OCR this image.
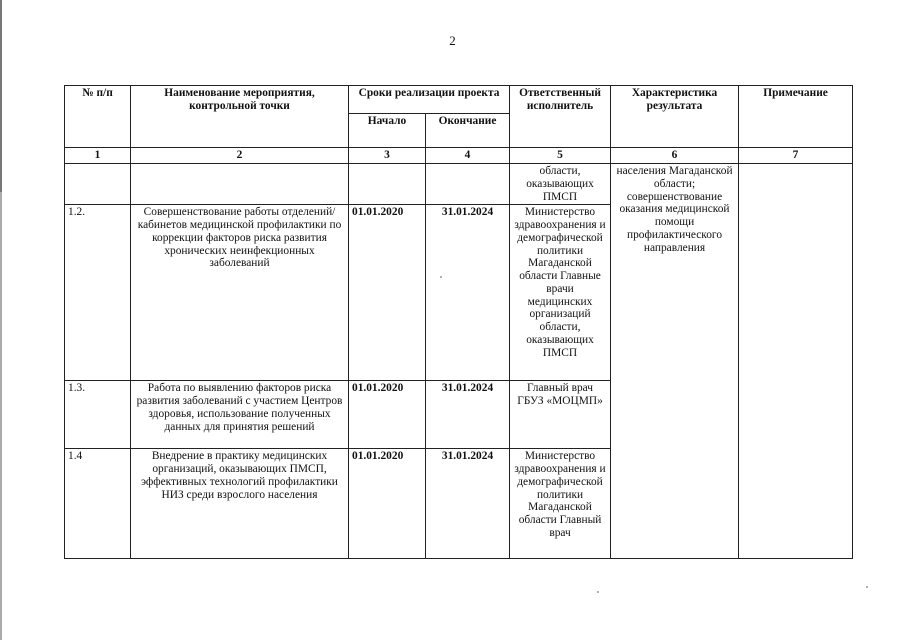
2
№ п/п	Наименование мероприятия, контрольной точки	Сроки реализации проекта		Ответственный исполнитель	Характеристика результата	Примечание
		Начало	Окончание			
1	2	3	4	5	6	7
				области, оказывающих ПМСП	населения Магаданской области; совершенствование оказания медицинской помощи профилактического направления	
1.2.	Совершенствование работы отделений/кабинетов медицинской профилактики по коррекции факторов риска развития хронических неинфекционных заболеваний	01.01.2020	31.01.2024	Министерство здравоохранения и демографической политики Магаданской области Главные врачи медицинских организаций области, оказывающих ПМСП		
1.3.	Работа по выявлению факторов риска развития заболеваний с участием Центров здоровья, использование полученных данных для принятия решений	01.01.2020	31.01.2024	Главный врач ГБУЗ «МОЦМП»		
1.4	Внедрение в практику медицинских организаций, оказывающих ПМСП, эффективных технологий профилактики НИЗ среди взрослого населения	01.01.2020	31.01.2024	Министерство здравоохранения и демографической политики Магаданской области Главный врач		
